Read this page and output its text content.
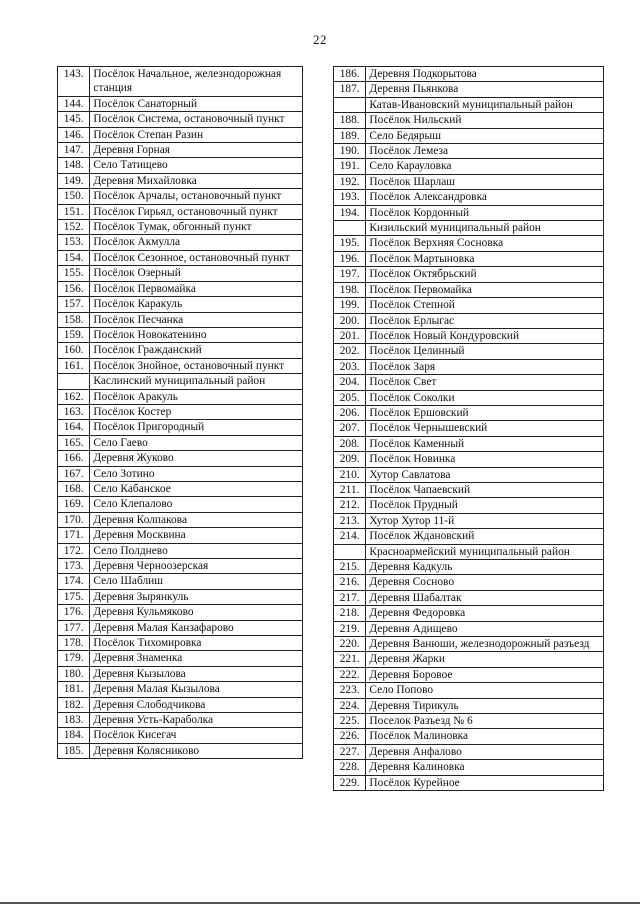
22
143.	Посёлок Начальное, железнодорожная станция
144.	Посёлок Санаторный
145.	Посёлок Система, остановочный пункт
146.	Посёлок Степан Разин
147.	Деревня Горная
148.	Село Татищево
149.	Деревня Михайловка
150.	Посёлок Арчалы, остановочный пункт
151.	Посёлок Гирьял, остановочный пункт
152.	Посёлок Тумак, обгонный пункт
153.	Посёлок Акмулла
154.	Посёлок Сезонное, остановочный пункт
155.	Посёлок Озерный
156.	Посёлок Первомайка
157.	Посёлок Каракуль
158.	Посёлок Песчанка
159.	Посёлок Новокатенино
160.	Посёлок Гражданский
161.	Посёлок Знойное, остановочный пункт
	Каслинский муниципальный район
162.	Посёлок Аракуль
163.	Посёлок Костер
164.	Посёлок Пригородный
165.	Село Гаево
166.	Деревня Жуково
167.	Село Зотино
168.	Село Кабанское
169.	Село Клепалово
170.	Деревня Колпакова
171.	Деревня Москвина
172.	Село Полднево
173.	Деревня Черноозерская
174.	Село Шаблиш
175.	Деревня Зырянкуль
176.	Деревня Кульмяково
177.	Деревня Малая Канзафарово
178.	Посёлок Тихомировка
179.	Деревня Знаменка
180.	Деревня Кызылова
181.	Деревня Малая Кызылова
182.	Деревня Слободчикова
183.	Деревня Усть-Караболка
184.	Посёлок Кисегач
185.	Деревня Колясниково
186.	Деревня Подкорытова
187.	Деревня Пьянкова
	Катав-Ивановский муниципальный район
188.	Посёлок Нильский
189.	Село Бедярыш
190.	Посёлок Лемеза
191.	Село Карауловка
192.	Посёлок Шарлаш
193.	Посёлок Александровка
194.	Посёлок Кордонный
	Кизильский муниципальный район
195.	Посёлок Верхняя Сосновка
196.	Посёлок Мартыновка
197.	Посёлок Октябрьский
198.	Посёлок Первомайка
199.	Посёлок Степной
200.	Посёлок Ерлыгас
201.	Посёлок Новый Кондуровский
202.	Посёлок Целинный
203.	Посёлок Заря
204.	Посёлок Свет
205.	Посёлок Соколки
206.	Посёлок Ершовский
207.	Посёлок Чернышевский
208.	Посёлок Каменный
209.	Посёлок Новинка
210.	Хутор Савлатова
211.	Посёлок Чапаевский
212.	Посёлок Прудный
213.	Хутор Хутор 11-й
214.	Посёлок Ждановский
	Красноармейский муниципальный район
215.	Деревня Кадкуль
216.	Деревня Сосново
217.	Деревня Шабалтак
218.	Деревня Федоровка
219.	Деревня Адищево
220.	Деревня Ванюши, железнодорожный разъезд
221.	Деревня Жарки
222.	Деревня Боровое
223.	Село Попово
224.	Деревня Тирикуль
225.	Поселок Разъезд № 6
226.	Посёлок Малиновка
227.	Деревня Анфалово
228.	Деревня Калиновка
229.	Посёлок Курейное
